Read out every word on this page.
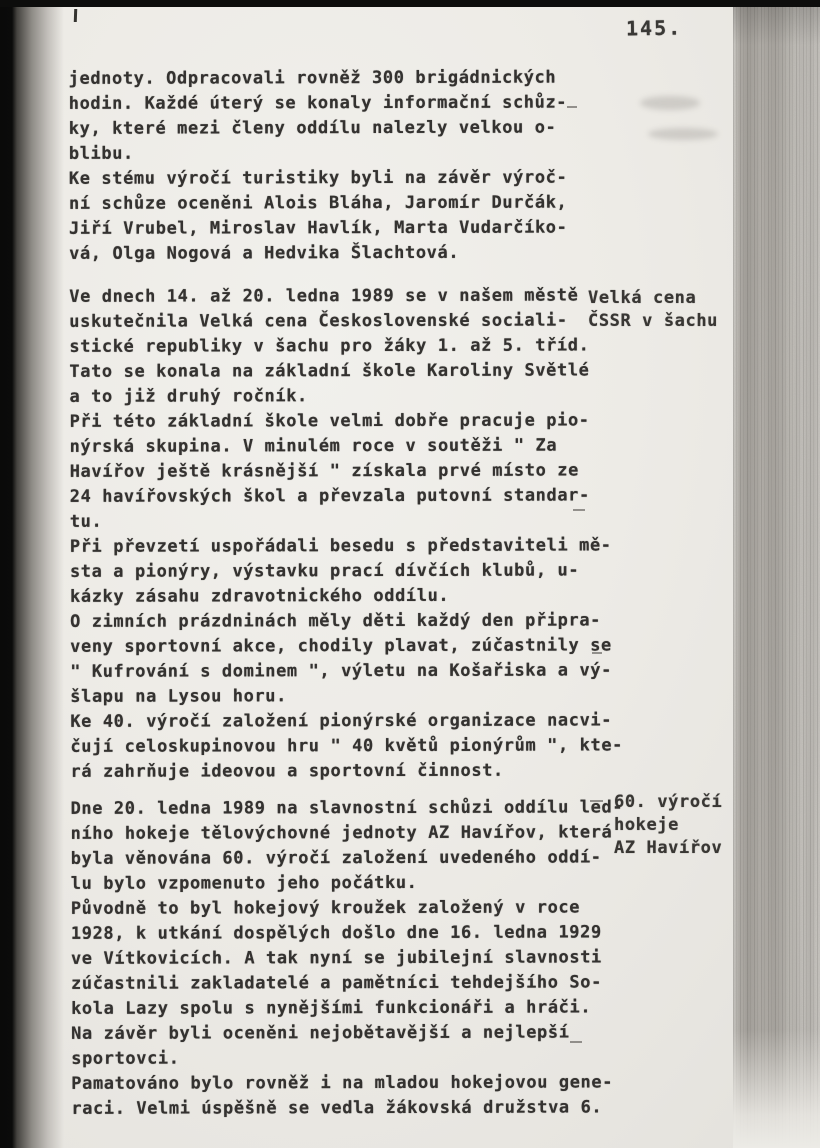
145.
jednoty. Odpracovali rovněž 300 brigádnických
hodin. Každé úterý se konaly informační schůz-
ky, které mezi členy oddílu nalezly velkou o-
blibu.
Ke stému výročí turistiky byli na závěr výroč-
ní schůze oceněni Alois Bláha, Jaromír Durčák,
Jiří Vrubel, Miroslav Havlík, Marta Vudarčíko-
vá, Olga Nogová a Hedvika Šlachtová.
Ve dnech 14. až 20. ledna 1989 se v našem městě
uskutečnila Velká cena Československé sociali-
stické republiky v šachu pro žáky 1. až 5. tříd.
Tato se konala na základní škole Karoliny Světlé
a to již druhý ročník.
Při této základní škole velmi dobře pracuje pio-
nýrská skupina. V minulém roce v soutěži " Za
Havířov ještě krásnější " získala prvé místo ze
24 havířovských škol a převzala putovní standar-
tu.
Při převzetí uspořádali besedu s představiteli mě-
sta a pionýry, výstavku prací dívčích klubů, u-
kázky zásahu zdravotnického oddílu.
O zimních prázdninách měly děti každý den připra-
veny sportovní akce, chodily plavat, zúčastnily se
" Kufrování s dominem ", výletu na Košařiska a vý-
šlapu na Lysou horu.
Ke 40. výročí založení pionýrské organizace nacvi-
čují celoskupinovou hru " 40 květů pionýrům ", kte-
rá zahrňuje ideovou a sportovní činnost.
Dne 20. ledna 1989 na slavnostní schůzi oddílu led-
ního hokeje tělovýchovné jednoty AZ Havířov, která
byla věnována 60. výročí založení uvedeného oddí-
lu bylo vzpomenuto jeho počátku.
Původně to byl hokejový kroužek založený v roce
1928, k utkání dospělých došlo dne 16. ledna 1929
ve Vítkovicích. A tak nyní se jubilejní slavnosti
zúčastnili zakladatelé a pamětníci tehdejšího So-
kola Lazy spolu s nynějšími funkcionáři a hráči.
Na závěr byli oceněni nejobětavější a nejlepší
sportovci.
Pamatováno bylo rovněž i na mladou hokejovou gene-
raci. Velmi úspěšně se vedla žákovská družstva 6.
Velká cena
ČSSR v šachu
60. výročí
hokeje
AZ Havířov
